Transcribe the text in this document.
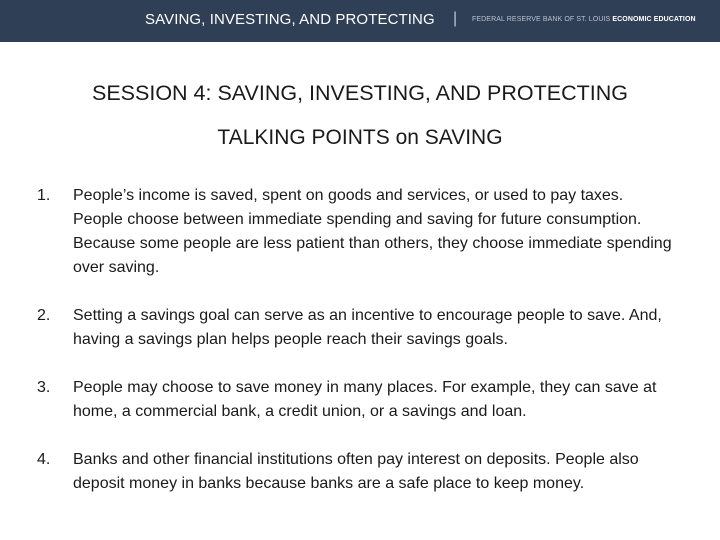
SAVING, INVESTING, AND PROTECTING | FEDERAL RESERVE BANK OF ST. LOUIS ECONOMIC EDUCATION
SESSION 4: SAVING, INVESTING, AND PROTECTING
TALKING POINTS on SAVING
1. People’s income is saved, spent on goods and services, or used to pay taxes. People choose between immediate spending and saving for future consumption. Because some people are less patient than others, they choose immediate spending over saving.
2. Setting a savings goal can serve as an incentive to encourage people to save. And, having a savings plan helps people reach their savings goals.
3. People may choose to save money in many places. For example, they can save at home, a commercial bank, a credit union, or a savings and loan.
4. Banks and other financial institutions often pay interest on deposits. People also deposit money in banks because banks are a safe place to keep money.
